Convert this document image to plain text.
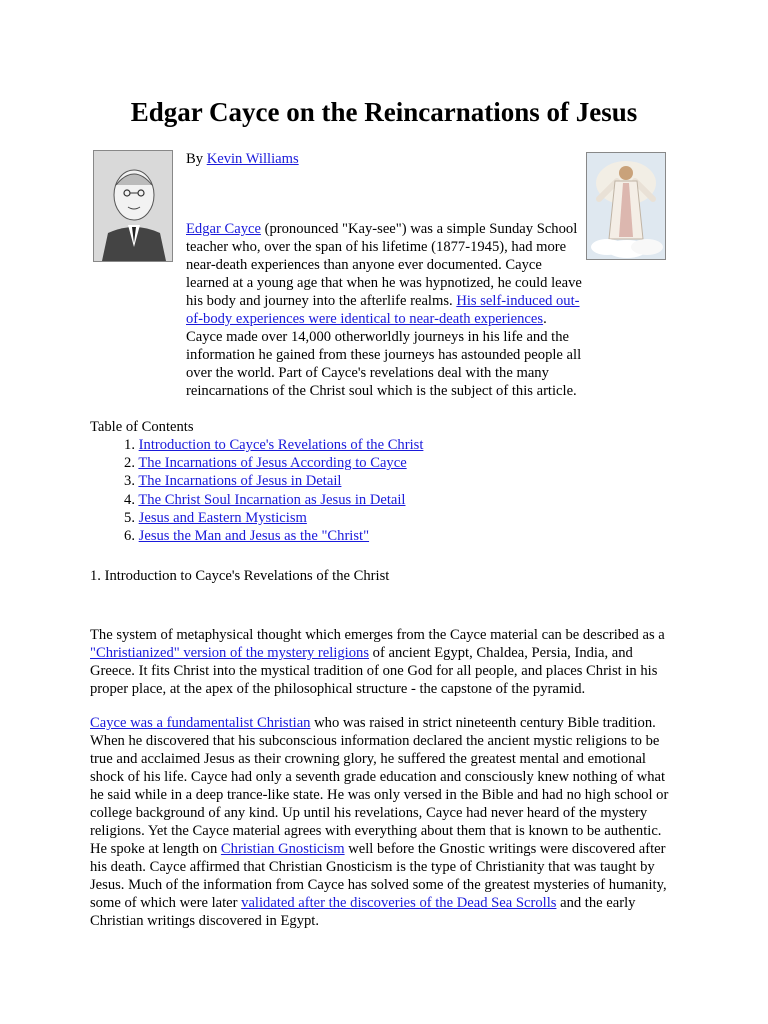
Edgar Cayce on the Reincarnations of Jesus
By Kevin Williams

Edgar Cayce (pronounced "Kay-see") was a simple Sunday School teacher who, over the span of his lifetime (1877-1945), had more near-death experiences than anyone ever documented. Cayce learned at a young age that when he was hypnotized, he could leave his body and journey into the afterlife realms. His self-induced out-of-body experiences were identical to near-death experiences. Cayce made over 14,000 otherworldly journeys in his life and the information he gained from these journeys has astounded people all over the world. Part of Cayce's revelations deal with the many reincarnations of the Christ soul which is the subject of this article.

Table of Contents
1. Introduction to Cayce's Revelations of the Christ
2. The Incarnations of Jesus According to Cayce
3. The Incarnations of Jesus in Detail
4. The Christ Soul Incarnation as Jesus in Detail
5. Jesus and Eastern Mysticism
6. Jesus the Man and Jesus as the "Christ"
1. Introduction to Cayce's Revelations of the Christ

The system of metaphysical thought which emerges from the Cayce material can be described as a "Christianized" version of the mystery religions of ancient Egypt, Chaldea, Persia, India, and Greece. It fits Christ into the mystical tradition of one God for all people, and places Christ in his proper place, at the apex of the philosophical structure - the capstone of the pyramid.

Cayce was a fundamentalist Christian who was raised in strict nineteenth century Bible tradition. When he discovered that his subconscious information declared the ancient mystic religions to be true and acclaimed Jesus as their crowning glory, he suffered the greatest mental and emotional shock of his life. Cayce had only a seventh grade education and consciously knew nothing of what he said while in a deep trance-like state. He was only versed in the Bible and had no high school or college background of any kind. Up until his revelations, Cayce had never heard of the mystery religions. Yet the Cayce material agrees with everything about them that is known to be authentic. He spoke at length on Christian Gnosticism well before the Gnostic writings were discovered after his death. Cayce affirmed that Christian Gnosticism is the type of Christianity that was taught by Jesus. Much of the information from Cayce has solved some of the greatest mysteries of humanity, some of which were later validated after the discoveries of the Dead Sea Scrolls and the early Christian writings discovered in Egypt.
